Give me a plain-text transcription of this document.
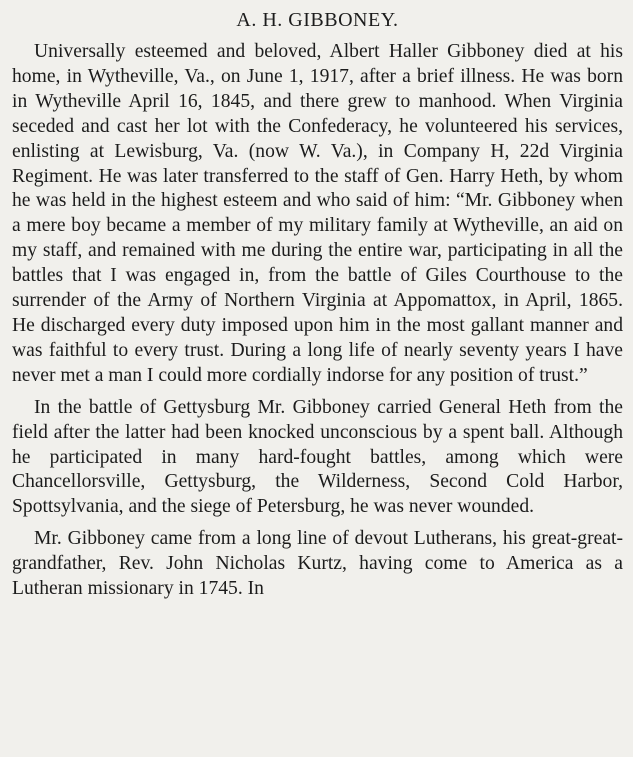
A. H. GIBBONEY.

Universally esteemed and beloved, Albert Haller Gibboney died at his home, in Wytheville, Va., on June 1, 1917, after a brief illness. He was born in Wytheville April 16, 1845, and there grew to manhood. When Virginia seceded and cast her lot with the Confederacy, he volunteered his services, enlisting at Lewisburg, Va. (now W. Va.), in Company H, 22d Virginia Regiment. He was later transferred to the staff of Gen. Harry Heth, by whom he was held in the highest esteem and who said of him: “Mr. Gibboney when a mere boy became a member of my military family at Wytheville, an aid on my staff, and remained with me during the entire war, participating in all the battles that I was engaged in, from the battle of Giles Courthouse to the surrender of the Army of Northern Virginia at Appomattox, in April, 1865. He discharged every duty imposed upon him in the most gallant manner and was faithful to every trust. During a long life of nearly seventy years I have never met a man I could more cordially indorse for any position of trust.”

In the battle of Gettysburg Mr. Gibboney carried General Heth from the field after the latter had been knocked unconscious by a spent ball. Although he participated in many hard-fought battles, among which were Chancellorsville, Gettysburg, the Wilderness, Second Cold Harbor, Spottsylvania, and the siege of Petersburg, he was never wounded.

Mr. Gibboney came from a long line of devout Lutherans, his great-great-grandfather, Rev. John Nicholas Kurtz, having come to America as a Lutheran missionary in 1745. In
